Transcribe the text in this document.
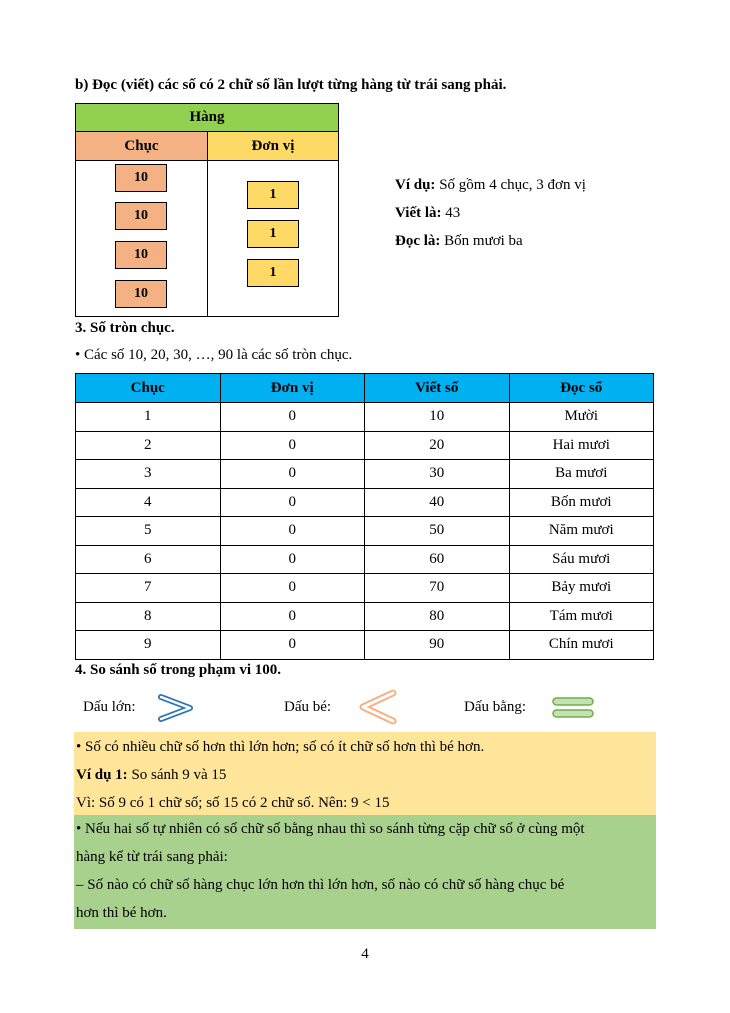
b) Đọc (viết) các số có 2 chữ số lần lượt từng hàng từ trái sang phải.
Hàng
Chục	Đơn vị
10
10
10
10
1
1
1
Ví dụ: Số gồm 4 chục, 3 đơn vị
Viết là: 43
Đọc là: Bốn mươi ba
3. Số tròn chục.
• Các số 10, 20, 30, …, 90 là các số tròn chục.
Chục	Đơn vị	Viết số	Đọc số
1	0	10	Mười
2	0	20	Hai mươi
3	0	30	Ba mươi
4	0	40	Bốn mươi
5	0	50	Năm mươi
6	0	60	Sáu mươi
7	0	70	Bảy mươi
8	0	80	Tám mươi
9	0	90	Chín mươi
4. So sánh số trong phạm vi 100.
Dấu lớn:	Dấu bé:	Dấu bằng:
• Số có nhiều chữ số hơn thì lớn hơn; số có ít chữ số hơn thì bé hơn.
Ví dụ 1: So sánh 9 và 15
Vì: Số 9 có 1 chữ số; số 15 có 2 chữ số. Nên: 9 < 15
• Nếu hai số tự nhiên có số chữ số bằng nhau thì so sánh từng cặp chữ số ở cùng một
hàng kể từ trái sang phải:
– Số nào có chữ số hàng chục lớn hơn thì lớn hơn, số nào có chữ số hàng chục bé
hơn thì bé hơn.
4
